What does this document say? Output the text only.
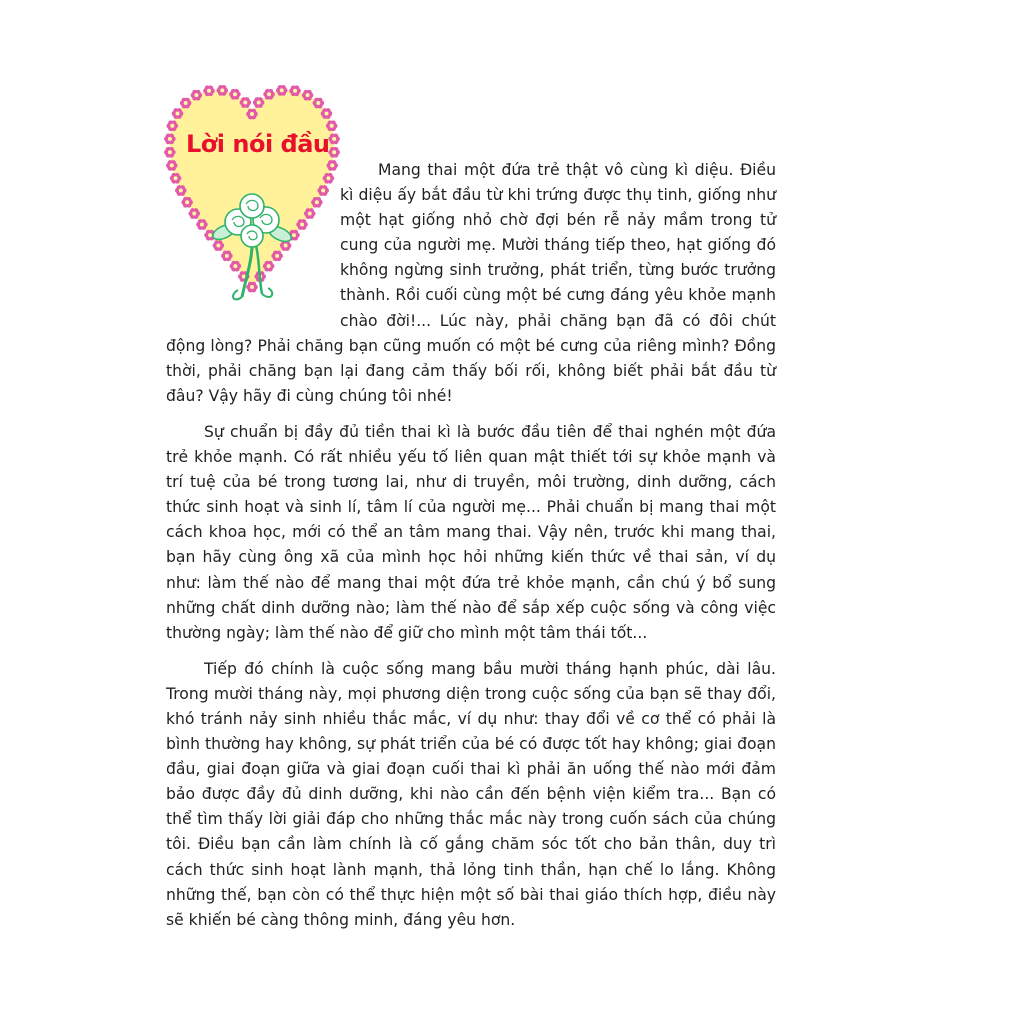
Lời nói đầu

Mang thai một đứa trẻ thật vô cùng kì diệu. Điều kì diệu ấy bắt đầu từ khi trứng được thụ tinh, giống như một hạt giống nhỏ chờ đợi bén rễ nảy mầm trong tử cung của người mẹ. Mười tháng tiếp theo, hạt giống đó không ngừng sinh trưởng, phát triển, từng bước trưởng thành. Rồi cuối cùng một bé cưng đáng yêu khỏe mạnh chào đời!... Lúc này, phải chăng bạn đã có đôi chút động lòng? Phải chăng bạn cũng muốn có một bé cưng của riêng mình? Đồng thời, phải chăng bạn lại đang cảm thấy bối rối, không biết phải bắt đầu từ đâu? Vậy hãy đi cùng chúng tôi nhé!

Sự chuẩn bị đầy đủ tiền thai kì là bước đầu tiên để thai nghén một đứa trẻ khỏe mạnh. Có rất nhiều yếu tố liên quan mật thiết tới sự khỏe mạnh và trí tuệ của bé trong tương lai, như di truyền, môi trường, dinh dưỡng, cách thức sinh hoạt và sinh lí, tâm lí của người mẹ... Phải chuẩn bị mang thai một cách khoa học, mới có thể an tâm mang thai. Vậy nên, trước khi mang thai, bạn hãy cùng ông xã của mình học hỏi những kiến thức về thai sản, ví dụ như: làm thế nào để mang thai một đứa trẻ khỏe mạnh, cần chú ý bổ sung những chất dinh dưỡng nào; làm thế nào để sắp xếp cuộc sống và công việc thường ngày; làm thế nào để giữ cho mình một tâm thái tốt...

Tiếp đó chính là cuộc sống mang bầu mười tháng hạnh phúc, dài lâu. Trong mười tháng này, mọi phương diện trong cuộc sống của bạn sẽ thay đổi, khó tránh nảy sinh nhiều thắc mắc, ví dụ như: thay đổi về cơ thể có phải là bình thường hay không, sự phát triển của bé có được tốt hay không; giai đoạn đầu, giai đoạn giữa và giai đoạn cuối thai kì phải ăn uống thế nào mới đảm bảo được đầy đủ dinh dưỡng, khi nào cần đến bệnh viện kiểm tra... Bạn có thể tìm thấy lời giải đáp cho những thắc mắc này trong cuốn sách của chúng tôi. Điều bạn cần làm chính là cố gắng chăm sóc tốt cho bản thân, duy trì cách thức sinh hoạt lành mạnh, thả lỏng tinh thần, hạn chế lo lắng. Không những thế, bạn còn có thể thực hiện một số bài thai giáo thích hợp, điều này sẽ khiến bé càng thông minh, đáng yêu hơn.
